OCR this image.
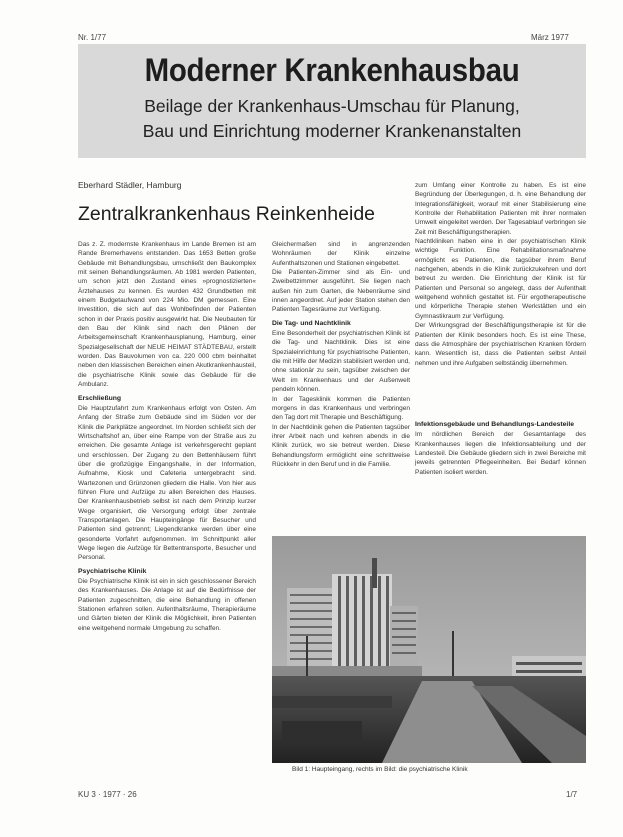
Nr. 1/77	März 1977
Moderner Krankenhausbau
Beilage der Krankenhaus-Umschau für Planung,
Bau und Einrichtung moderner Krankenanstalten
Eberhard Städler, Hamburg
Zentralkrankenhaus Reinkenheide

Das z. Z. modernste Krankenhaus im Lande Bremen ist am Rande Bremerhavens entstanden. Das 1653 Betten große Gebäude mit Behandlungsbau, umschließt den Baukomplex mit seinen Behandlungsräumen. Ab 1981 werden Patienten, um schon jetzt den Zustand eines »prognostizierten« Ärztehauses zu kennen. Es wurden 432 Grundbetten mit einem Budgetaufwand von 224 Mio. DM gemessen. Eine Investition, die sich auf das Wohlbefinden der Patienten schon in der Praxis positiv ausgewirkt hat. Die Neubauten für den Bau der Klinik sind nach den Plänen der Arbeitsgemeinschaft Krankenhausplanung, Hamburg, einer Spezialgesellschaft der NEUE HEIMAT STÄDTEBAU, erstellt worden. Das Bauvolumen von ca. 220 000 cbm beinhaltet neben den klassischen Bereichen einen Akutkrankenhausteil, die psychiatrische Klinik sowie das Gebäude für die Ambulanz.

Erschließung

Die Hauptzufahrt zum Krankenhaus erfolgt von Osten. Am Anfang der Straße zum Gebäude sind im Süden vor der Klinik die Parkplätze angeordnet. Im Norden schließt sich der Wirtschaftshof an, über eine Rampe von der Straße aus zu erreichen. Die gesamte Anlage ist verkehrsgerecht geplant und erschlossen. Der Zugang zu den Bettenhäusern führt über die großzügige Eingangshalle, in der Information, Aufnahme, Kiosk und Cafeteria untergebracht sind. Wartezonen und Grünzonen gliedern die Halle. Von hier aus führen Flure und Aufzüge zu allen Bereichen des Hauses. Der Krankenhausbetrieb selbst ist nach dem Prinzip kurzer Wege organisiert, die Versorgung erfolgt über zentrale Transportanlagen. Die Haupteingänge für Besucher und Patienten sind getrennt; Liegendkranke werden über eine gesonderte Vorfahrt aufgenommen. Im Schnittpunkt aller Wege liegen die Aufzüge für Bettentransporte, Besucher und Personal.

Psychiatrische Klinik

Die Psychiatrische Klinik ist ein in sich geschlossener Bereich des Krankenhauses. Die Anlage ist auf die Bedürfnisse der Patienten zugeschnitten, die eine Behandlung in offenen Stationen erfahren sollen. Aufenthaltsräume, Therapieräume und Gärten bieten der Klinik die Möglichkeit, ihren Patienten eine weitgehend normale Umgebung zu schaffen.

Gleichermaßen sind in angrenzenden Wohnräumen der Klinik einzelne Aufenthaltszonen und Stationen eingebettet.

Die Patienten-Zimmer sind als Ein- und Zweibettzimmer ausgeführt. Sie liegen nach außen hin zum Garten, die Nebenräume sind innen angeordnet. Auf jeder Station stehen den Patienten Tagesräume zur Verfügung.

Die Tag- und Nachtklinik

Eine Besonderheit der psychiatrischen Klinik ist die Tag- und Nachtklinik. Dies ist eine Spezialeinrichtung für psychiatrische Patienten, die mit Hilfe der Medizin stabilisiert werden und, ohne stationär zu sein, tagsüber zwischen der Welt im Krankenhaus und der Außenwelt pendeln können.

In der Tagesklinik kommen die Patienten morgens in das Krankenhaus und verbringen den Tag dort mit Therapie und Beschäftigung.

In der Nachtklinik gehen die Patienten tagsüber ihrer Arbeit nach und kehren abends in die Klinik zurück, wo sie betreut werden. Diese Behandlungsform ermöglicht eine schrittweise Rückkehr in den Beruf und in die Familie.

zum Umfang einer Kontrolle zu haben. Es ist eine Begründung der Überlegungen, d. h. eine Behandlung der Integrationsfähigkeit, worauf mit einer Stabilisierung eine Kontrolle der Rehabilitation Patienten mit ihrer normalen Umwelt eingeleitet werden. Der Tagesablauf verbringen sie Zeit mit Beschäftigungstherapien.

Nachtkliniken haben eine in der psychiatrischen Klinik wichtige Funktion. Eine Rehabilitationsmaßnahme ermöglicht es Patienten, die tagsüber ihrem Beruf nachgehen, abends in die Klinik zurückzukehren und dort betreut zu werden. Die Einrichtung der Klinik ist für Patienten und Personal so angelegt, dass der Aufenthalt weitgehend wohnlich gestaltet ist. Für ergotherapeutische und körperliche Therapie stehen Werkstätten und ein Gymnastikraum zur Verfügung.

Der Wirkungsgrad der Beschäftigungstherapie ist für die Patienten der Klinik besonders hoch. Es ist eine These, dass die Atmosphäre der psychiatrischen Kranken fördern kann. Wesentlich ist, dass die Patienten selbst Anteil nehmen und ihre Aufgaben selbständig übernehmen.

Infektionsgebäude und Behandlungs-Landesteile

Im nördlichen Bereich der Gesamtanlage des Krankenhauses liegen die Infektionsabteilung und der Landesteil. Die Gebäude gliedern sich in zwei Bereiche mit jeweils getrennten Pflegeeinheiten. Bei Bedarf können Patienten isoliert werden.

Bild 1: Haupteingang, rechts im Bild: die psychiatrische Klinik
KU 3 · 1977 · 26	1/7
